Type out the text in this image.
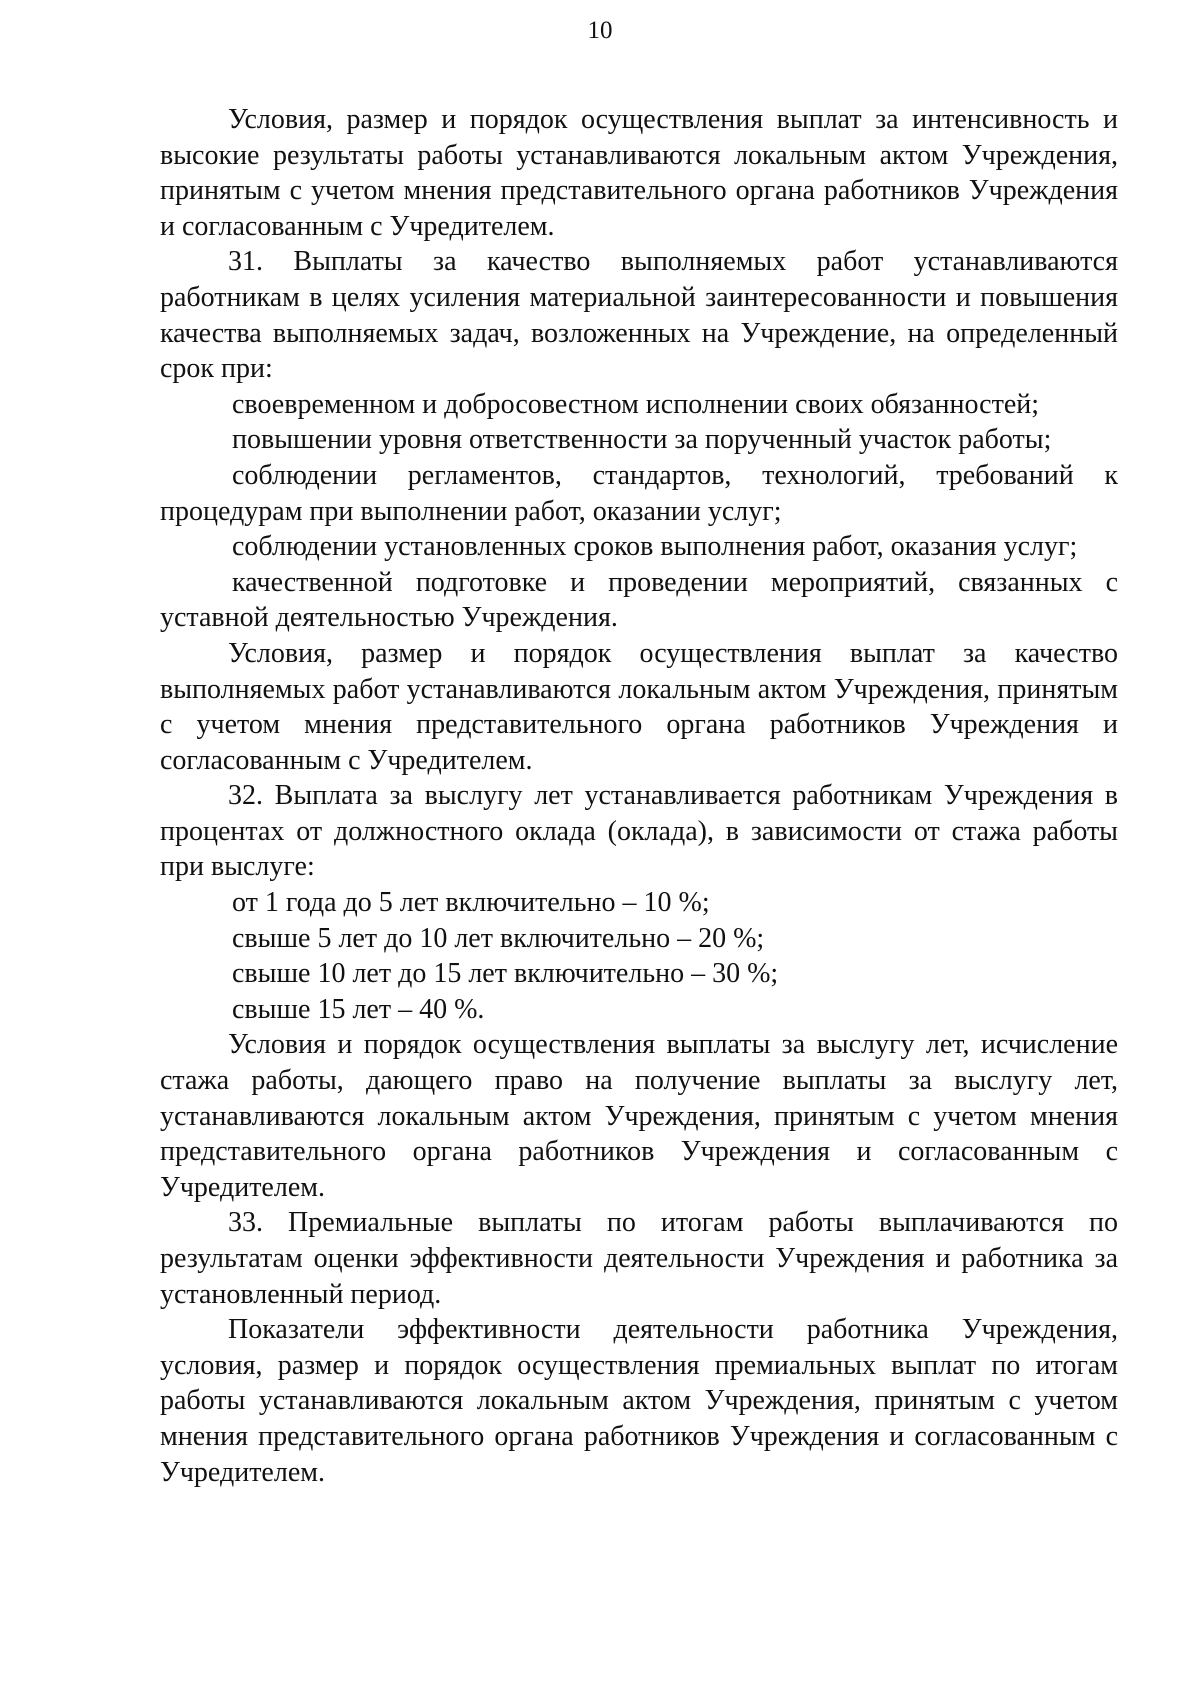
10

Условия, размер и порядок осуществления выплат за интенсивность и высокие результаты работы устанавливаются локальным актом Учреждения, принятым с учетом мнения представительного органа работников Учреждения и согласованным с Учредителем.

31. Выплаты за качество выполняемых работ устанавливаются работникам в целях усиления материальной заинтересованности и повышения качества выполняемых задач, возложенных на Учреждение, на определенный срок при:

своевременном и добросовестном исполнении своих обязанностей;

повышении уровня ответственности за порученный участок работы;

соблюдении регламентов, стандартов, технологий, требований к процедурам при выполнении работ, оказании услуг;

соблюдении установленных сроков выполнения работ, оказания услуг;

качественной подготовке и проведении мероприятий, связанных с уставной деятельностью Учреждения.

Условия, размер и порядок осуществления выплат за качество выполняемых работ устанавливаются локальным актом Учреждения, принятым с учетом мнения представительного органа работников Учреждения и согласованным с Учредителем.

32. Выплата за выслугу лет устанавливается работникам Учреждения в процентах от должностного оклада (оклада), в зависимости от стажа работы при выслуге:

от 1 года до 5 лет включительно – 10 %;

свыше 5 лет до 10 лет включительно – 20 %;

свыше 10 лет до 15 лет включительно – 30 %;

свыше 15 лет – 40 %.

Условия и порядок осуществления выплаты за выслугу лет, исчисление стажа работы, дающего право на получение выплаты за выслугу лет, устанавливаются локальным актом Учреждения, принятым с учетом мнения представительного органа работников Учреждения и согласованным с Учредителем.

33. Премиальные выплаты по итогам работы выплачиваются по результатам оценки эффективности деятельности Учреждения и работника за установленный период.

Показатели эффективности деятельности работника Учреждения, условия, размер и порядок осуществления премиальных выплат по итогам работы устанавливаются локальным актом Учреждения, принятым с учетом мнения представительного органа работников Учреждения и согласованным с Учредителем.
